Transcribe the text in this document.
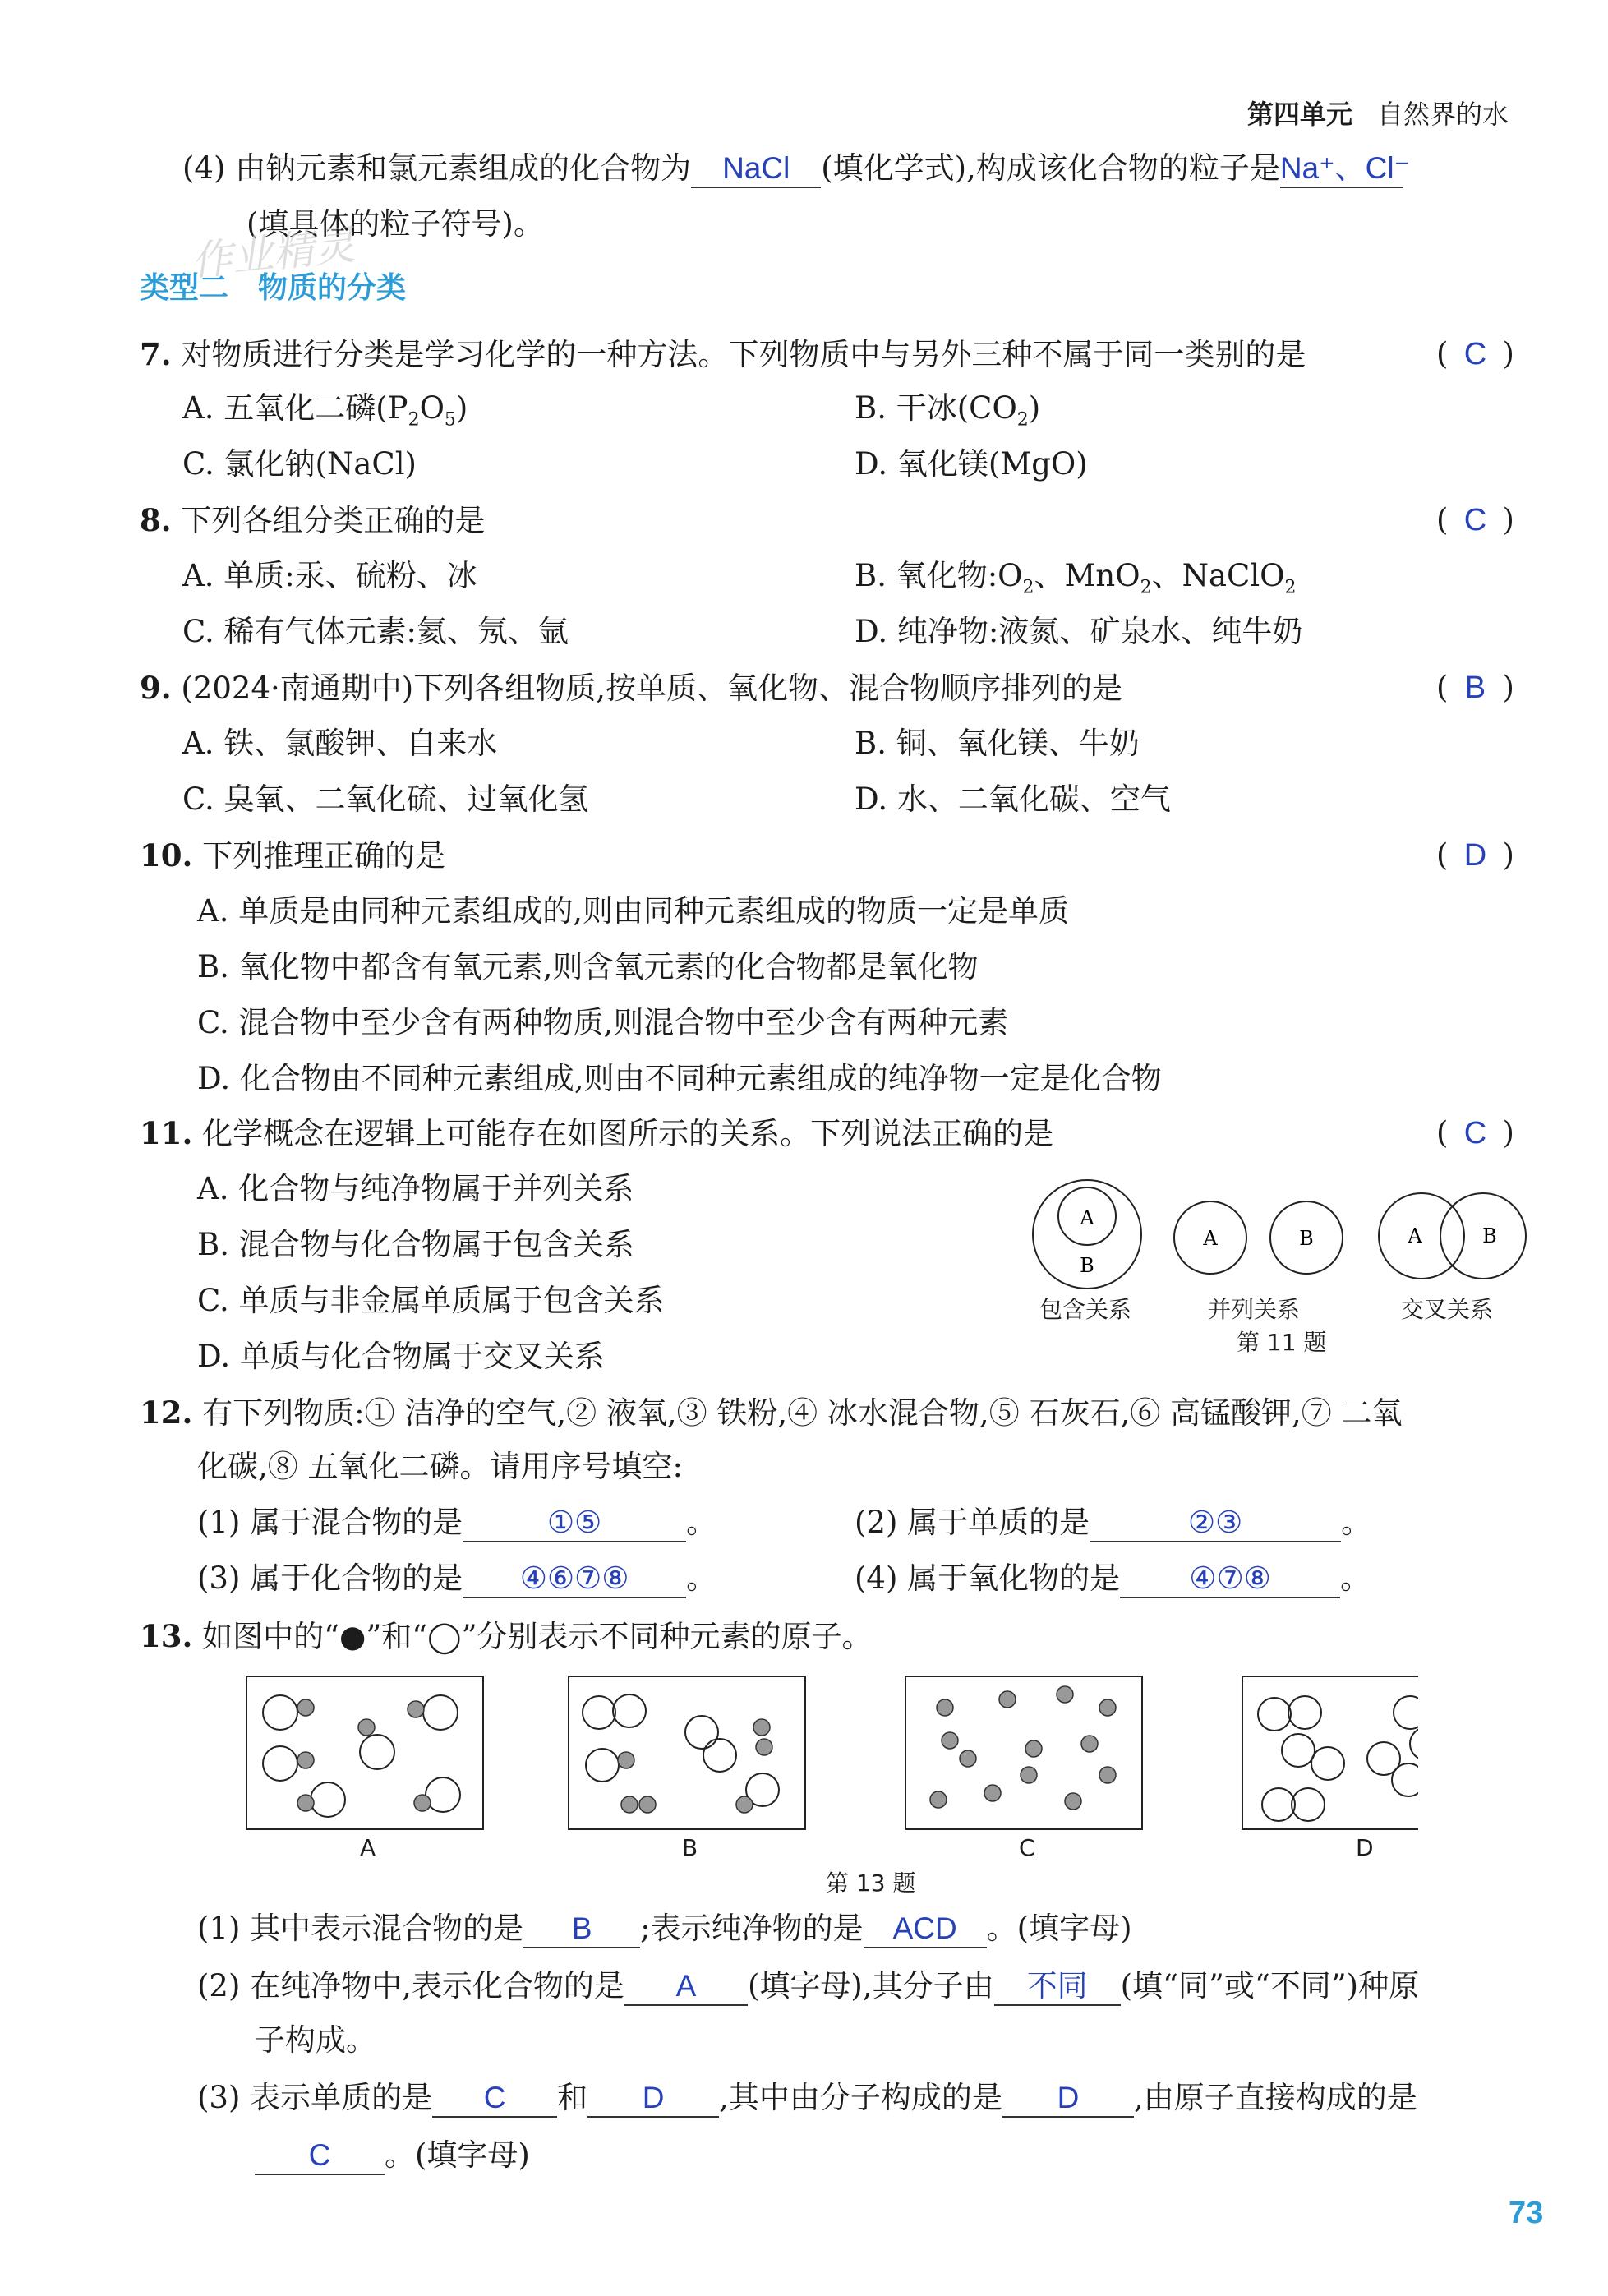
第四单元 自然界的水
(4) 由钠元素和氯元素组成的化合物为 NaCl (填化学式),构成该化合物的粒子是Na⁺、Cl⁻
(填具体的粒子符号)。
作业精灵
类型二　物质的分类
7. 对物质进行分类是学习化学的一种方法。下列物质中与另外三种不属于同一类别的是	( C )
A. 五氧化二磷$(P_2O_5)$	B. 干冰$(CO_2)$
C. 氯化钠(NaCl)	D. 氧化镁(MgO)
8. 下列各组分类正确的是	( C )
A. 单质:汞、硫粉、冰	B. 氧化物$:O_2$、MnO$_2$、NaClO$_2$
C. 稀有气体元素:氦、氖、氩	D. 纯净物:液氮、矿泉水、纯牛奶
9. (2024·南通期中)下列各组物质,按单质、氧化物、混合物顺序排列的是	( B )
A. 铁、氯酸钾、自来水	B. 铜、氧化镁、牛奶
C. 臭氧、二氧化硫、过氧化氢	D. 水、二氧化碳、空气
10. 下列推理正确的是	( D )
A. 单质是由同种元素组成的,则由同种元素组成的物质一定是单质
B. 氧化物中都含有氧元素,则含氧元素的化合物都是氧化物
C. 混合物中至少含有两种物质,则混合物中至少含有两种元素
D. 化合物由不同种元素组成,则由不同种元素组成的纯净物一定是化合物
11. 化学概念在逻辑上可能存在如图所示的关系。下列说法正确的是	( C )
A. 化合物与纯净物属于并列关系
B. 混合物与化合物属于包含关系
C. 单质与非金属单质属于包含关系
D. 单质与化合物属于交叉关系
A
B
A	B	A	B
包含关系	并列关系	交叉关系
第 11 题
12. 有下列物质:① 洁净的空气,② 液氧,③ 铁粉,④ 冰水混合物,⑤ 石灰石,⑥ 高锰酸钾,⑦ 二氧
化碳,⑧ 五氧化二磷。请用序号填空:
(1) 属于混合物的是	①⑤	。	(2) 属于单质的是	②③	。
(3) 属于化合物的是 ④⑥⑦⑧ 。	(4) 属于氧化物的是 ④⑦⑧ 。
13. 如图中的“●”和“◯”分别表示不同种元素的原子。
A	B	C	D
第 13 题
(1) 其中表示混合物的是 B ;表示纯净物的是 ACD 。(填字母)
(2) 在纯净物中,表示化合物的是 A (填字母),其分子由 不同 (填“同”或“不同”)种原
子构成。
(3) 表示单质的是 C 和 D ,其中由分子构成的是 D ,由原子直接构成的是
C 。(填字母)
73
